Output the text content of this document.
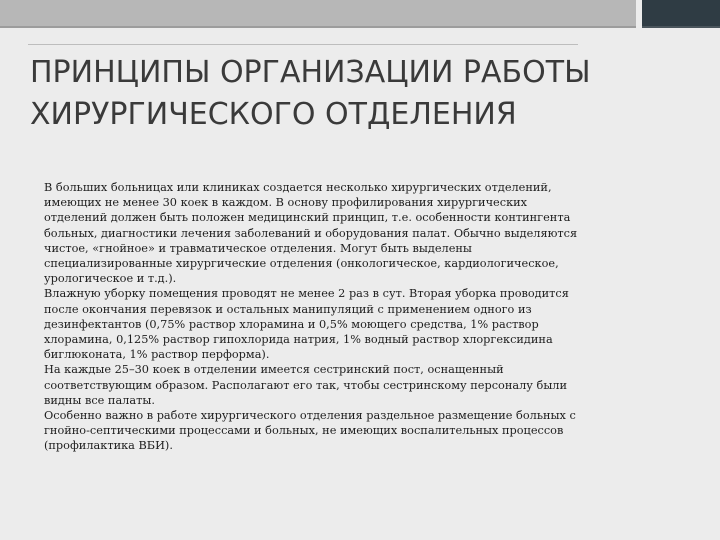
ПРИНЦИПЫ ОРГАНИЗАЦИИ РАБОТЫ
ХИРУРГИЧЕСКОГО ОТДЕЛЕНИЯ

В больших больницах или клиниках создается несколько хирургических отделений,
имеющих не менее 30 коек в каждом. В основу профилирования хирургических
отделений должен быть положен медицинский принцип, т.е. особенности контингента
больных, диагностики лечения заболеваний и оборудования палат. Обычно выделяются
чистое, «гнойное» и травматическое отделения. Могут быть выделены
специализированные хирургические отделения (онкологическое, кардиологическое,
урологическое и т.д.).

Влажную уборку помещения проводят не менее 2 раз в сут. Вторая уборка проводится
после окончания перевязок и остальных манипуляций с применением одного из
дезинфектантов (0,75% раствор хлорамина и 0,5% моющего средства, 1% раствор
хлорамина, 0,125% раствор гипохлорида натрия, 1% водный раствор хлоргексидина
биглюконата, 1% раствор перформа).

На каждые 25–30 коек в отделении имеется сестринский пост, оснащенный
соответствующим образом. Располагают его так, чтобы сестринскому персоналу были
видны все палаты.

Особенно важно в работе хирургического отделения раздельное размещение больных с
гнойно-септическими процессами и больных, не имеющих воспалительных процессов
(профилактика ВБИ).
